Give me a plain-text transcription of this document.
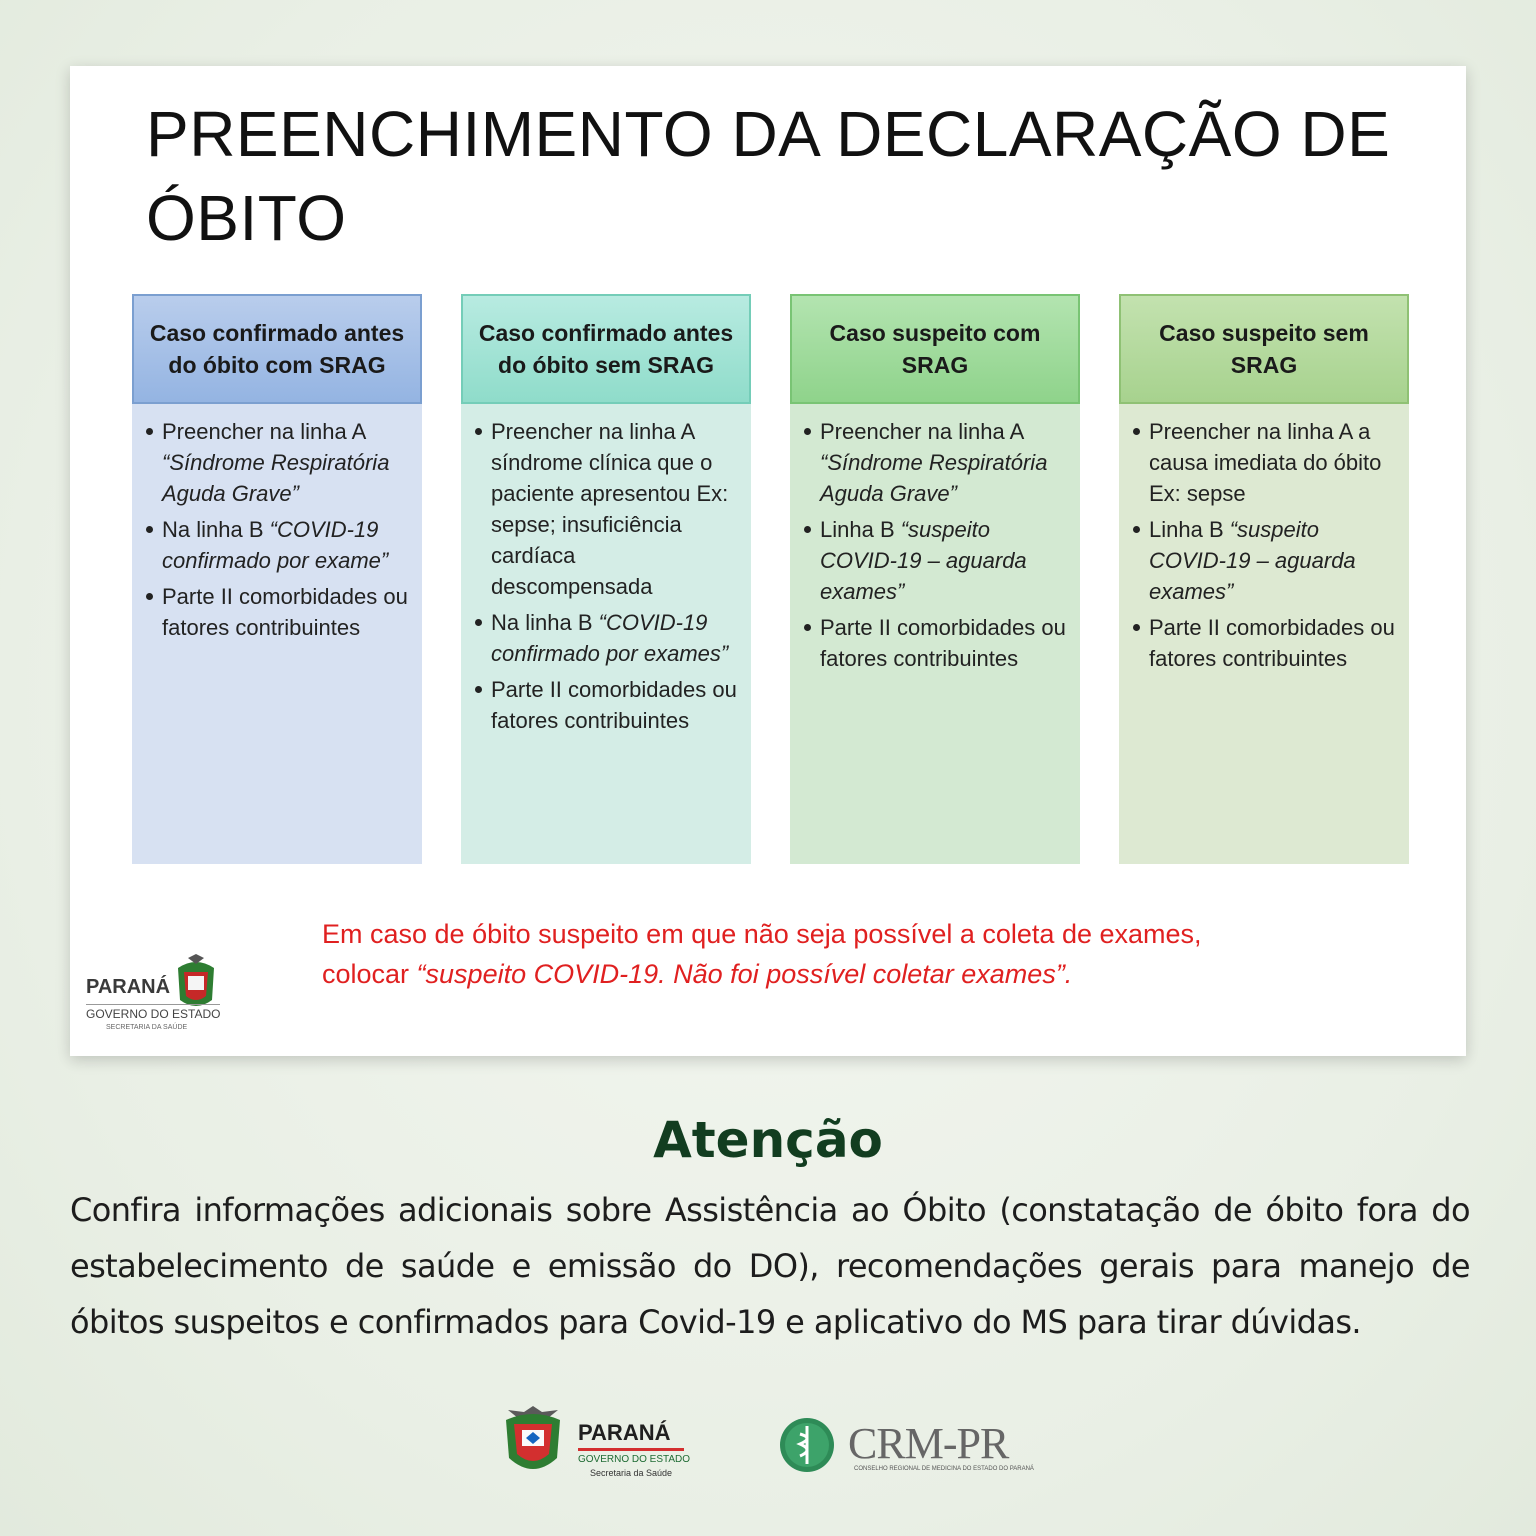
PREENCHIMENTO DA DECLARAÇÃO DE ÓBITO
Caso confirmado antes do óbito com SRAG
Preencher na linha A “Síndrome Respiratória Aguda Grave”
Na linha B “COVID-19 confirmado por exame”
Parte II comorbidades ou fatores contribuintes
Caso confirmado antes do óbito sem SRAG
Preencher na linha A síndrome clínica que o paciente apresentou Ex: sepse; insuficiência cardíaca descompensada
Na linha B “COVID-19 confirmado por exames”
Parte II comorbidades ou fatores contribuintes
Caso suspeito com SRAG
Preencher na linha A “Síndrome Respiratória Aguda Grave”
Linha B “suspeito COVID-19 – aguarda exames”
Parte II comorbidades ou fatores contribuintes
Caso suspeito sem SRAG
Preencher na linha A a causa imediata do óbito Ex: sepse
Linha B “suspeito COVID-19 – aguarda exames”
Parte II comorbidades ou fatores contribuintes
PARANÁ
GOVERNO DO ESTADO
SECRETARIA DA SAÚDE
Em caso de óbito suspeito em que não seja possível a coleta de exames, colocar “suspeito COVID-19. Não foi possível coletar exames”.
Atenção

Confira informações adicionais sobre Assistência ao Óbito (constatação de óbito fora do estabelecimento de saúde e emissão do DO), recomendações gerais para manejo de óbitos suspeitos e confirmados para Covid-19 e aplicativo do MS para tirar dúvidas.

PARANÁ
GOVERNO DO ESTADO
Secretaria da Saúde
CRM-PR
CONSELHO REGIONAL DE MEDICINA DO ESTADO DO PARANÁ
